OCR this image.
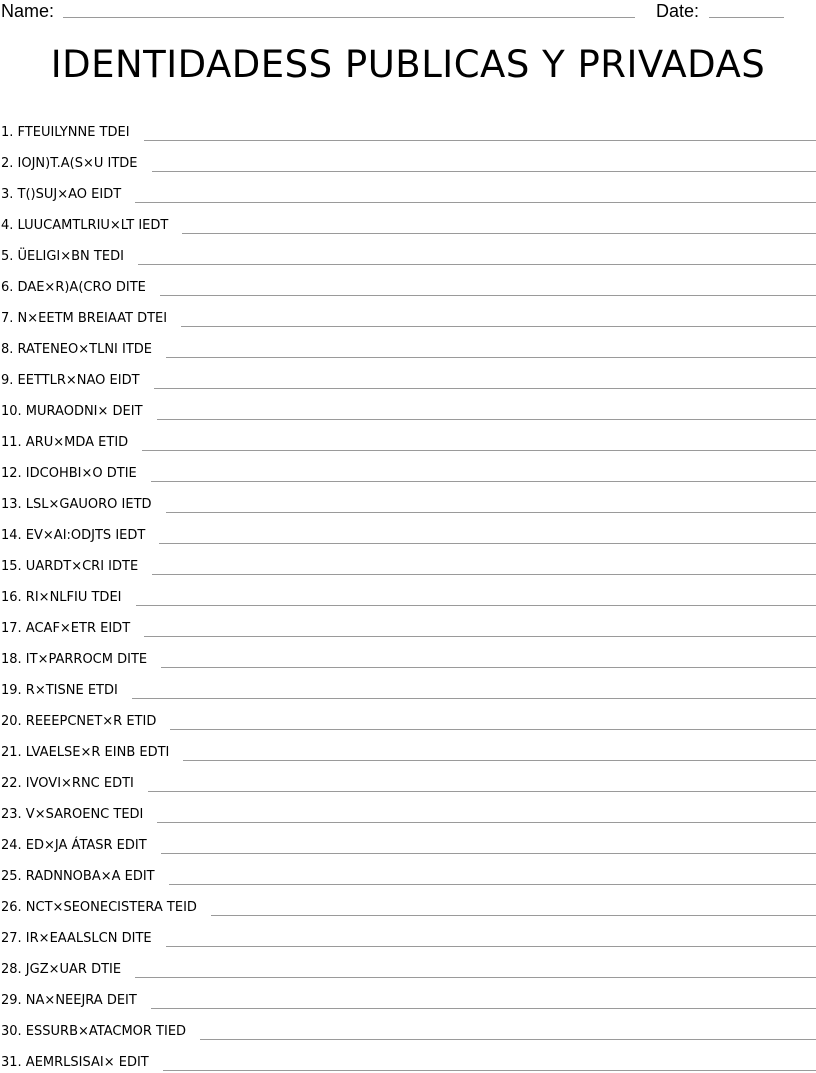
Name:	Date:
IDENTIDADESS PUBLICAS Y PRIVADAS
1. FTEUILYNNE TDEI
2. IOJN)T.A(S×U ITDE
3. T()SUJ×AO EIDT
4. LUUCAMTLRIU×LT IEDT
5. ÜELIGI×BN TEDI
6. DAE×R)A(CRO DITE
7. N×EETM BREIAAT DTEI
8. RATENEO×TLNI ITDE
9. EETTLR×NAO EIDT
10. MURAODNI× DEIT
11. ARU×MDA ETID
12. IDCOHBI×O DTIE
13. LSL×GAUORO IETD
14. EV×AI:ODJTS IEDT
15. UARDT×CRI IDTE
16. RI×NLFIU TDEI
17. ACAF×ETR EIDT
18. IT×PARROCM DITE
19. R×TISNE ETDI
20. REEEPCNET×R ETID
21. LVAELSE×R EINB EDTI
22. IVOVI×RNC EDTI
23. V×SAROENC TEDI
24. ED×JA ÁTASR EDIT
25. RADNNOBA×A EDIT
26. NCT×SEONECISTERA TEID
27. IR×EAALSLCN DITE
28. JGZ×UAR DTIE
29. NA×NEEJRA DEIT
30. ESSURB×ATACMOR TIED
31. AEMRLSISAI× EDIT
